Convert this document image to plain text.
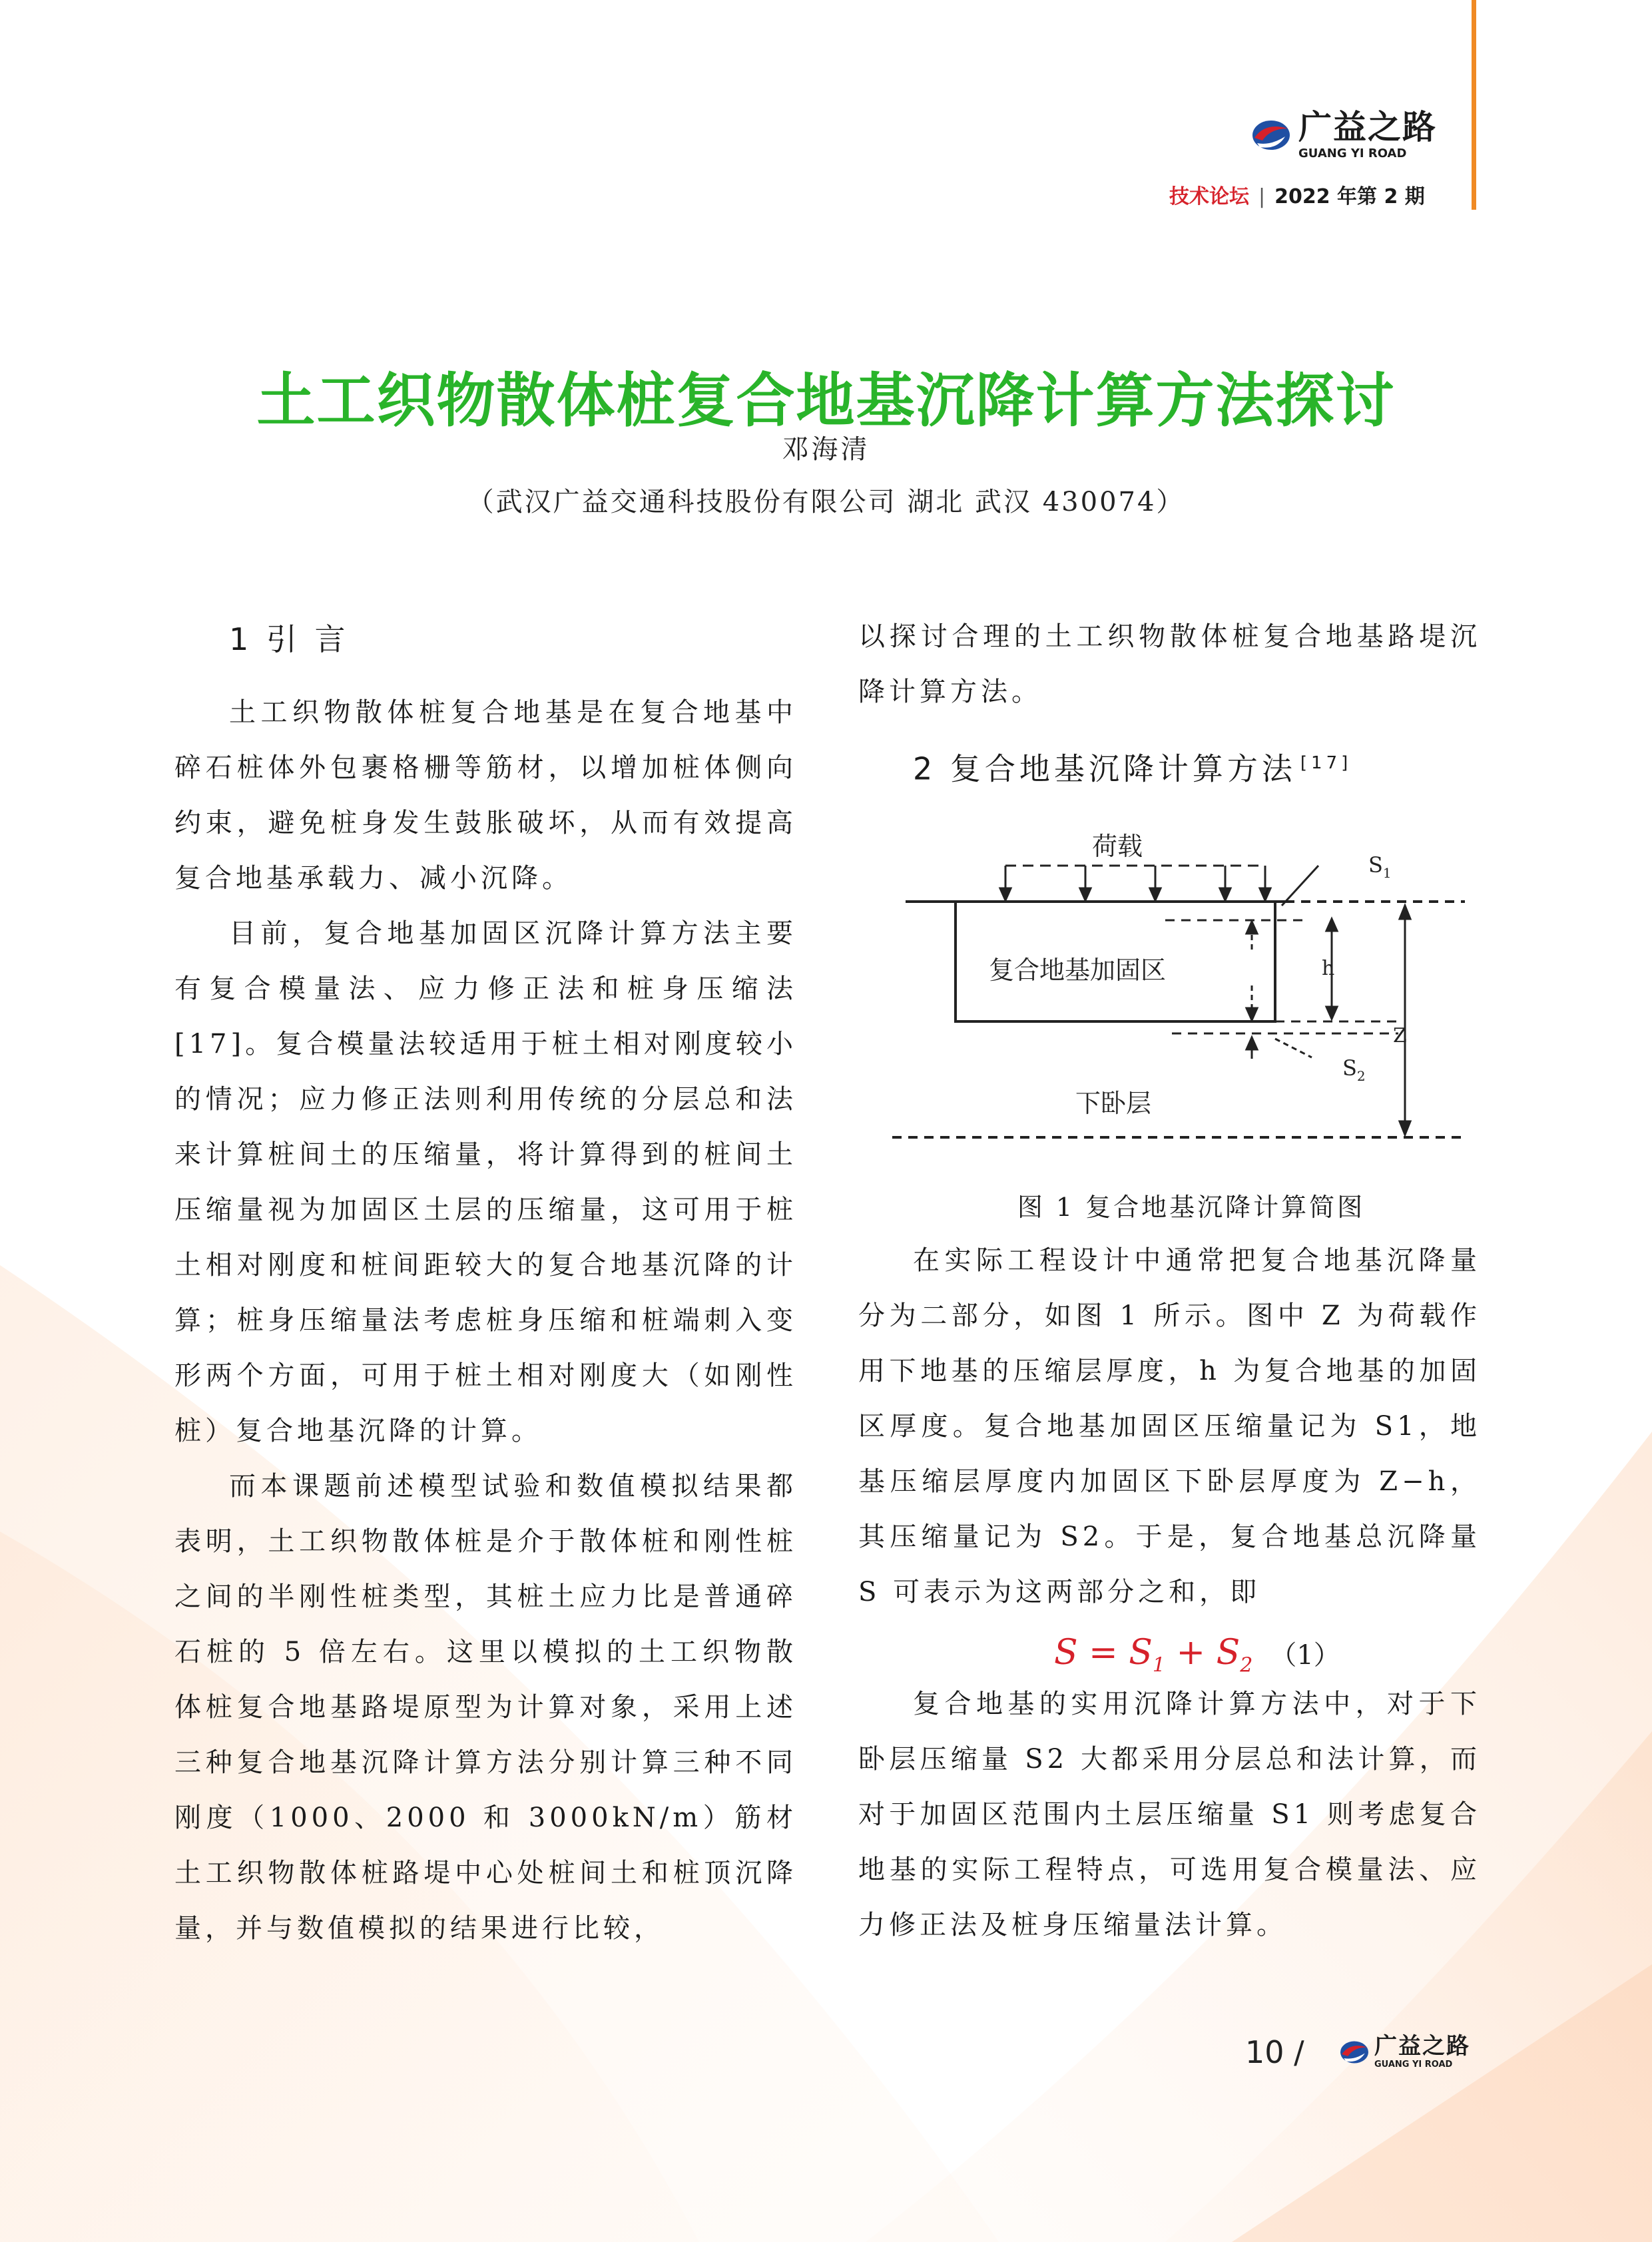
广益之路
GUANG YI ROAD
技术论坛 | 2022 年第 2 期
土工织物散体桩复合地基沉降计算方法探讨
邓海清
（武汉广益交通科技股份有限公司 湖北 武汉 430074）
1 引 言

土工织物散体桩复合地基是在复合地基中碎石桩体外包裹格栅等筋材，以增加桩体侧向约束，避免桩身发生鼓胀破坏，从而有效提高复合地基承载力、减小沉降。

目前，复合地基加固区沉降计算方法主要有复合模量法、应力修正法和桩身压缩法[17]。复合模量法较适用于桩土相对刚度较小的情况；应力修正法则利用传统的分层总和法来计算桩间土的压缩量，将计算得到的桩间土压缩量视为加固区土层的压缩量，这可用于桩土相对刚度和桩间距较大的复合地基沉降的计算；桩身压缩量法考虑桩身压缩和桩端刺入变形两个方面，可用于桩土相对刚度大（如刚性桩）复合地基沉降的计算。

而本课题前述模型试验和数值模拟结果都表明，土工织物散体桩是介于散体桩和刚性桩之间的半刚性桩类型，其桩土应力比是普通碎石桩的 5 倍左右。这里以模拟的土工织物散体桩复合地基路堤原型为计算对象，采用上述三种复合地基沉降计算方法分别计算三种不同刚度（1000、2000 和 3000kN/m）筋材土工织物散体桩路堤中心处桩间土和桩顶沉降量，并与数值模拟的结果进行比较，

以探讨合理的土工织物散体桩复合地基路堤沉降计算方法。

2 复合地基沉降计算方法 [17]
荷载
复合地基加固区
$S_1$
h
Z
$S_2$
下卧层
图 1 复合地基沉降计算简图

在实际工程设计中通常把复合地基沉降量分为二部分，如图 1 所示。图中 Z 为荷载作用下地基的压缩层厚度，h 为复合地基的加固区厚度。复合地基加固区压缩量记为 S1，地基压缩层厚度内加固区下卧层厚度为 Z−h，其压缩量记为 S2。于是，复合地基总沉降量 S 可表示为这两部分之和，即

$S = S_1 + S_2$ （1）

复合地基的实用沉降计算方法中，对于下卧层压缩量 S2 大都采用分层总和法计算，而对于加固区范围内土层压缩量 S1 则考虑复合地基的实际工程特点，可选用复合模量法、应力修正法及桩身压缩量法计算。

10 /	广益之路
GUANG YI ROAD
